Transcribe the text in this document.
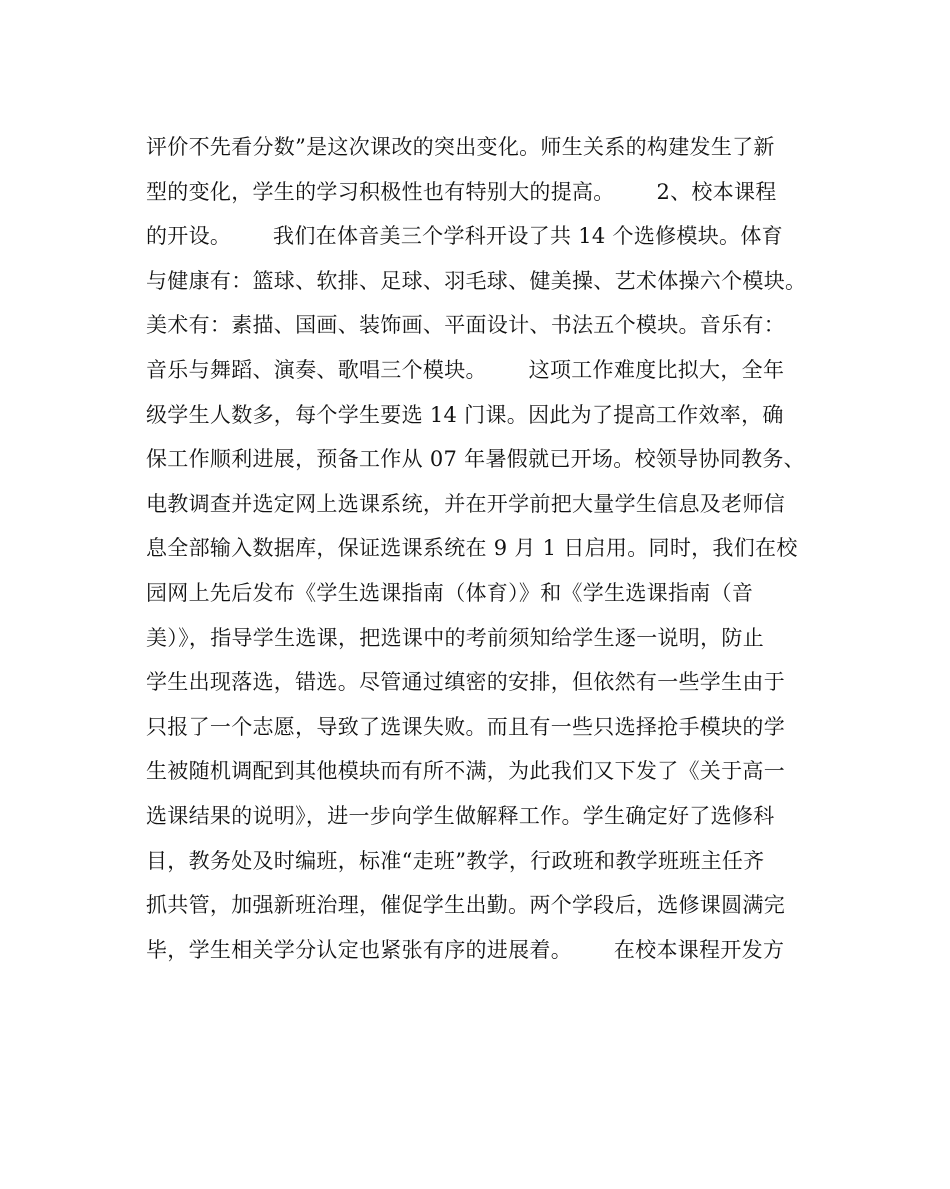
评价不先看分数”是这次课改的突出变化。师生关系的构建发生了新
型的变化，学生的学习积极性也有特别大的提高。      2、校本课程
的开设。      我们在体音美三个学科开设了共 14 个选修模块。体育
与健康有：篮球、软排、足球、羽毛球、健美操、艺术体操六个模块。
美术有：素描、国画、装饰画、平面设计、书法五个模块。音乐有：
音乐与舞蹈、演奏、歌唱三个模块。      这项工作难度比拟大，全年
级学生人数多，每个学生要选 14 门课。因此为了提高工作效率，确
保工作顺利进展，预备工作从 07 年暑假就已开场。校领导协同教务、
电教调查并选定网上选课系统，并在开学前把大量学生信息及老师信
息全部输入数据库，保证选课系统在 9 月 1 日启用。同时，我们在校
园网上先后发布《学生选课指南（体育）》和《学生选课指南（音
美）》，指导学生选课，把选课中的考前须知给学生逐一说明，防止
学生出现落选，错选。尽管通过缜密的安排，但依然有一些学生由于
只报了一个志愿，导致了选课失败。而且有一些只选择抢手模块的学
生被随机调配到其他模块而有所不满，为此我们又下发了《关于高一
选课结果的说明》，进一步向学生做解释工作。学生确定好了选修科
目，教务处及时编班，标准“走班”教学，行政班和教学班班主任齐
抓共管，加强新班治理，催促学生出勤。两个学段后，选修课圆满完
毕，学生相关学分认定也紧张有序的进展着。      在校本课程开发方
